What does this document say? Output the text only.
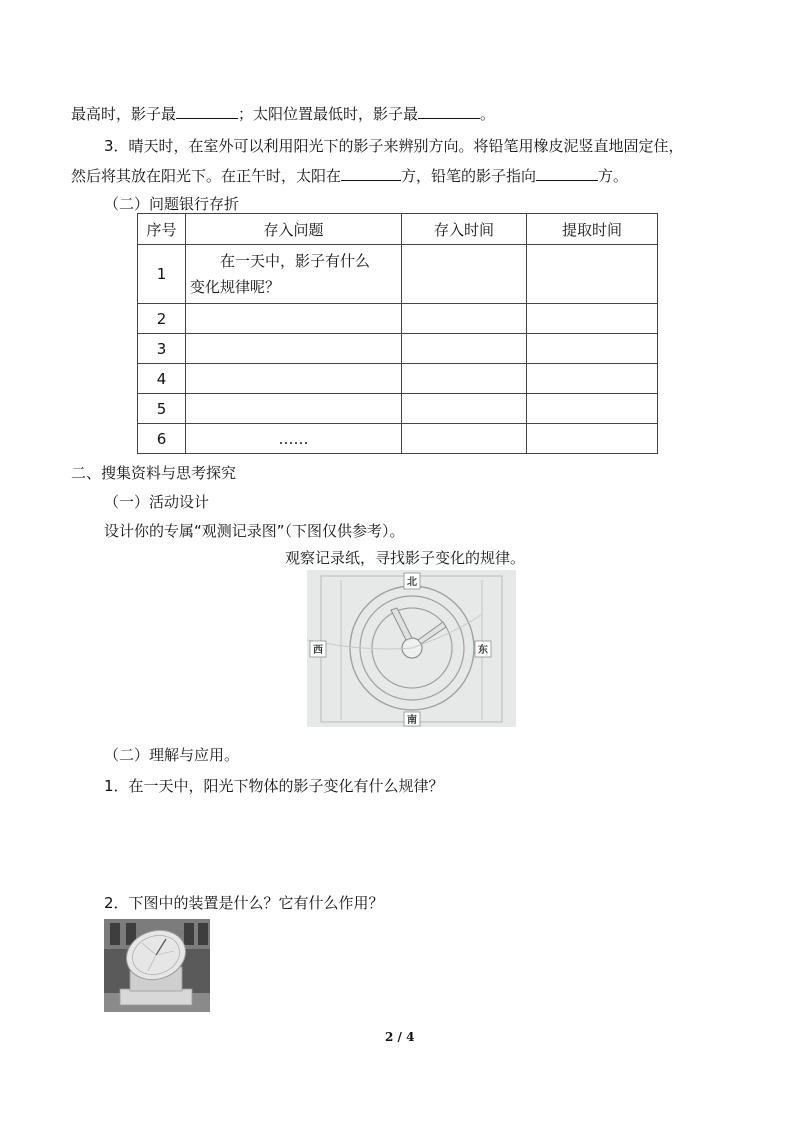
最高时，影子最	；太阳位置最低时，影子最	。
3．晴天时，在室外可以利用阳光下的影子来辨别方向。将铅笔用橡皮泥竖直地固定住，
然后将其放在阳光下。在正午时，太阳在	方，铅笔的影子指向	方。
（二）问题银行存折
序号	存入问题	存入时间	提取时间
1	在一天中，影子有什么
变化规律呢？		
2			
3			
4			
5			
6	……		
二、搜集资料与思考探究
（一）活动设计
设计你的专属“观测记录图”（下图仅供参考）。
观察记录纸，寻找影子变化的规律。
北
西	东
南
（二）理解与应用。
1．在一天中，阳光下物体的影子变化有什么规律？
2．下图中的装置是什么？它有什么作用？
2 / 4
